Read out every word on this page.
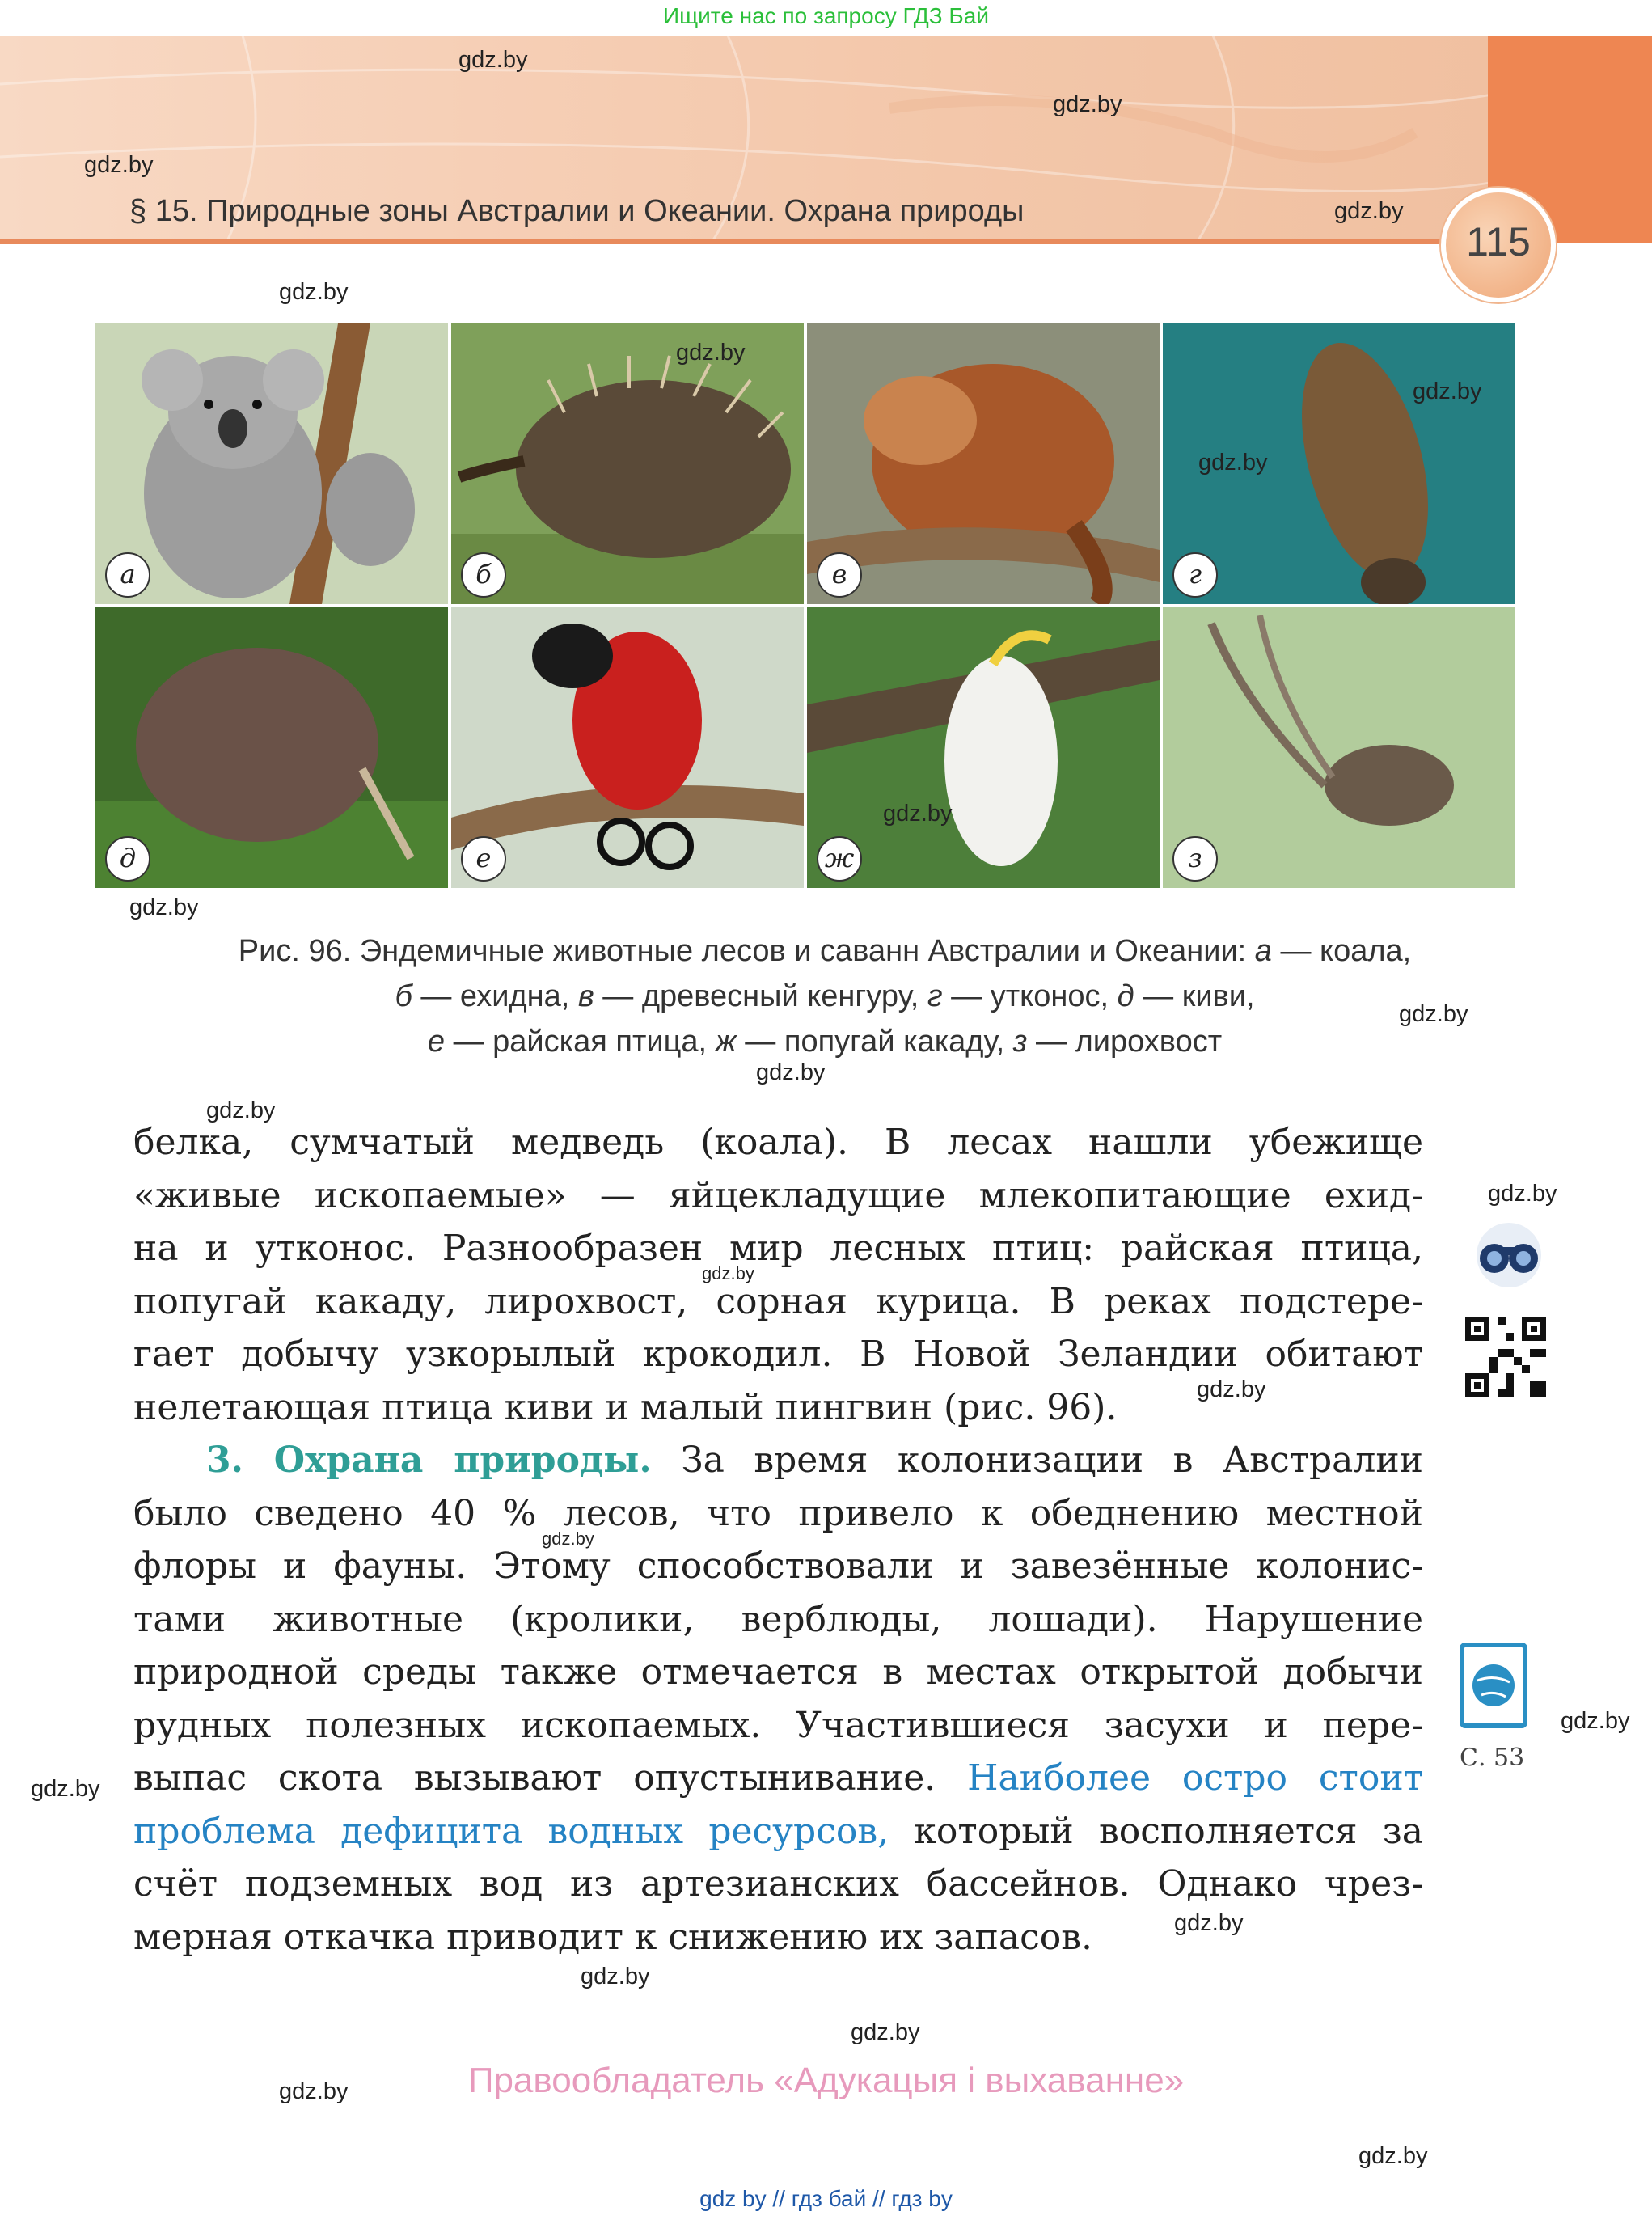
Ищите нас по запросу ГДЗ Бай
§ 15. Природные зоны Австралии и Океании. Охрана природы
115
gdz.by
gdz.by
gdz.by
gdz.by
gdz.by
а	б	в	г
д	е	ж	з
gdz.by
gdz.by
gdz.by
gdz.by
gdz.by
Рис. 96. Эндемичные животные лесов и саванн Австралии и Океании: а — коала,
б — ехидна, в — древесный кенгуру, г — утконос, д — киви,
е — райская птица, ж — попугай какаду, з — лирохвост
gdz.by
gdz.by
gdz.by
белка, сумчатый медведь (коала). В лесах нашли убежище
«живые ископаемые» — яйцекладущие млекопитающие ехид-
на и утконос. Разнообразен мир лесных птиц: райская птица,
попугай какаду, лирохвост, сорная курица. В реках подстере-
гает добычу узкорылый крокодил. В Новой Зеландии обитают
нелетающая птица киви и малый пингвин (рис. 96).
3. Охрана природы. За время колонизации в Австралии
было сведено 40 % лесов, что привело к обеднению местной
флоры и фауны. Этому способствовали и завезённые колонис-
тами животные (кролики, верблюды, лошади). Нарушение
природной среды также отмечается в местах открытой добычи
рудных полезных ископаемых. Участившиеся засухи и пере-
выпас скота вызывают опустынивание. Наиболее остро стоит
проблема дефицита водных ресурсов, который восполняется за
счёт подземных вод из артезианских бассейнов. Однако чрез-
мерная откачка приводит к снижению их запасов.
gdz.by
gdz.by
gdz.by
gdz.by
gdz.by
gdz.by
gdz.by
gdz.by
gdz.by
gdz.by
gdz.by
С. 53
Правообладатель «Адукацыя і выхаванне»
gdz by // гдз бай // гдз by
